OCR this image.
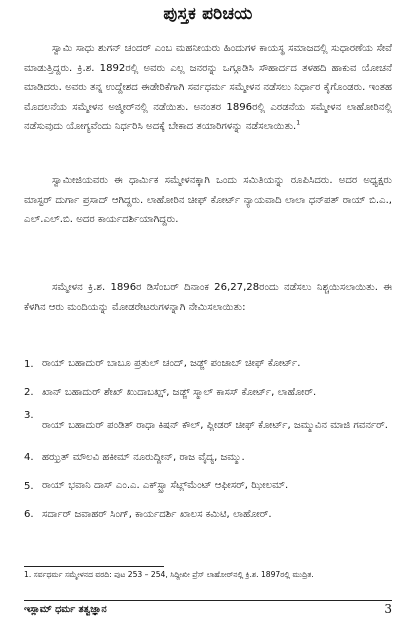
ಪುಸ್ತಕ ಪರಿಚಯ

ಸ್ವಾಮಿ ಸಾಧು ಶುಗನ್ ಚಂದರ್ ಎಂಬ ಮಹನೀಯರು ಹಿಂದುಗಳ ಕಾಯಸ್ಥ ಸಮಾಜದಲ್ಲಿ ಸುಧಾರಣೆಯ ಸೇವೆ ಮಾಡುತ್ತಿದ್ದರು. ಕ್ರಿ.ಶ. 1892ರಲ್ಲಿ ಅವರು ಎಲ್ಲ ಜನರನ್ನು ಒಗ್ಗೂಡಿಸಿ ಸೌಹಾರ್ದದ ತಳಹದಿ ಹಾಕುವ ಯೋಚನೆ ಮಾಡಿದರು. ಅವರು ತನ್ನ ಉದ್ದೇಶದ ಈಡೇರಿಕೆಗಾಗಿ ಸರ್ವಧರ್ಮ ಸಮ್ಮೇಳನ ನಡೆಸಲು ನಿರ್ಧಾರ ಕೈಗೊಂಡರು. ಇಂತಹ ಮೊದಲನೆಯ ಸಮ್ಮೇಳನ ಅಜ್ಮೀರ್‌ನಲ್ಲಿ ನಡೆಯಿತು. ಅನಂತರ 1896ರಲ್ಲಿ ಎರಡನೆಯ ಸಮ್ಮೇಳನ ಲಾಹೋರಿನಲ್ಲಿ ನಡೆಸುವುದು ಯೋಗ್ಯವೆಂದು ನಿರ್ಧರಿಸಿ ಅದಕ್ಕೆ ಬೇಕಾದ ತಯಾರಿಗಳನ್ನು ನಡೆಸಲಾಯಿತು.$^1$

ಸ್ವಾಮೀಜಿಯವರು ಈ ಧಾರ್ಮಿಕ ಸಮ್ಮೇಳನಕ್ಕಾಗಿ ಒಂದು ಸಮಿತಿಯನ್ನು ರೂಪಿಸಿದರು. ಅದರ ಅಧ್ಯಕ್ಷರು ಮಾಸ್ಟರ್ ದುರ್ಗಾ ಪ್ರಸಾದ್ ಆಗಿದ್ದರು. ಲಾಹೋರಿನ ಚೀಫ್ ಕೋರ್ಟ್ ನ್ಯಾಯವಾದಿ ಲಾಲಾ ಧನ್‌ಪತ್ ರಾಯ್ ಬಿ.ಎ., ಎಲ್.ಎಲ್.ಬಿ. ಅದರ ಕಾರ್ಯದರ್ಶಿಯಾಗಿದ್ದರು.

ಸಮ್ಮೇಳನ ಕ್ರಿ.ಶ. 1896ರ ಡಿಸೆಂಬರ್ ದಿನಾಂಕ 26,27,28ರಂದು ನಡೆಸಲು ನಿಶ್ಚಯಿಸಲಾಯಿತು. ಈ ಕೆಳಗಿನ ಆರು ಮಂದಿಯನ್ನು ಮೋಡರೇಟರುಗಳನ್ನಾಗಿ ನೇಮಿಸಲಾಯಿತು:

1. ರಾಯ್ ಬಹಾದುರ್ ಬಾಬೂ ಪ್ರತುಲ್ ಚಂದ್, ಜಡ್ಜ್ ಪಂಜಾಬ್ ಚೀಫ್ ಕೋರ್ಟ್.
2. ಖಾನ್ ಬಹಾದುರ್ ಶೇಖ್ ಖುದಾಬಖ್ಷ್, ಜಡ್ಜ್ ಸ್ಮಾಲ್ ಕಾಸಸ್ ಕೋರ್ಟ್, ಲಾಹೋರ್.
3.
ರಾಯ್ ಬಹಾದುರ್ ಪಂಡಿತ್ ರಾಧಾ ಕಿಷನ್ ಕೌಲ್, ಪ್ಲೀಡರ್ ಚೀಫ್ ಕೋರ್ಟ್, ಜಮ್ಮುವಿನ ಮಾಜಿ ಗವರ್ನರ್.
4. ಹಝ್ರತ್ ಮೌಲವಿ ಹಕೀಮ್ ನೂರುದ್ದೀನ್, ರಾಜ ವೈದ್ಯ, ಜಮ್ಮು.
5. ರಾಯ್ ಭವಾನಿ ದಾಸ್ ಎಂ.ಎ. ಎಕ್‌ಸ್ಟ್ರಾ ಸೆಟ್ಲ್‌ಮೆಂಟ್ ಆಫೀಸರ್, ಝೀಲಮ್.
6. ಸರ್ದಾರ್ ಜವಾಹರ್ ಸಿಂಗ್, ಕಾರ್ಯದರ್ಶಿ ಖಾಲಸ ಕಮಿಟಿ, ಲಾಹೋರ್.

1. ಸರ್ವಧರ್ಮ ಸಮ್ಮೇಳನದ ವರದಿ: ಪುಟ 253 – 254, ಸಿದ್ದೀಖೀ ಪ್ರೆಸ್ ಲಾಹೋರ್‌ನಲ್ಲಿ ಕ್ರಿ.ಶ. 1897ರಲ್ಲಿ ಮುದ್ರಿತ.

ಇಸ್ಲಾಮ್ ಧರ್ಮ ತತ್ವಜ್ಞಾನ	3
